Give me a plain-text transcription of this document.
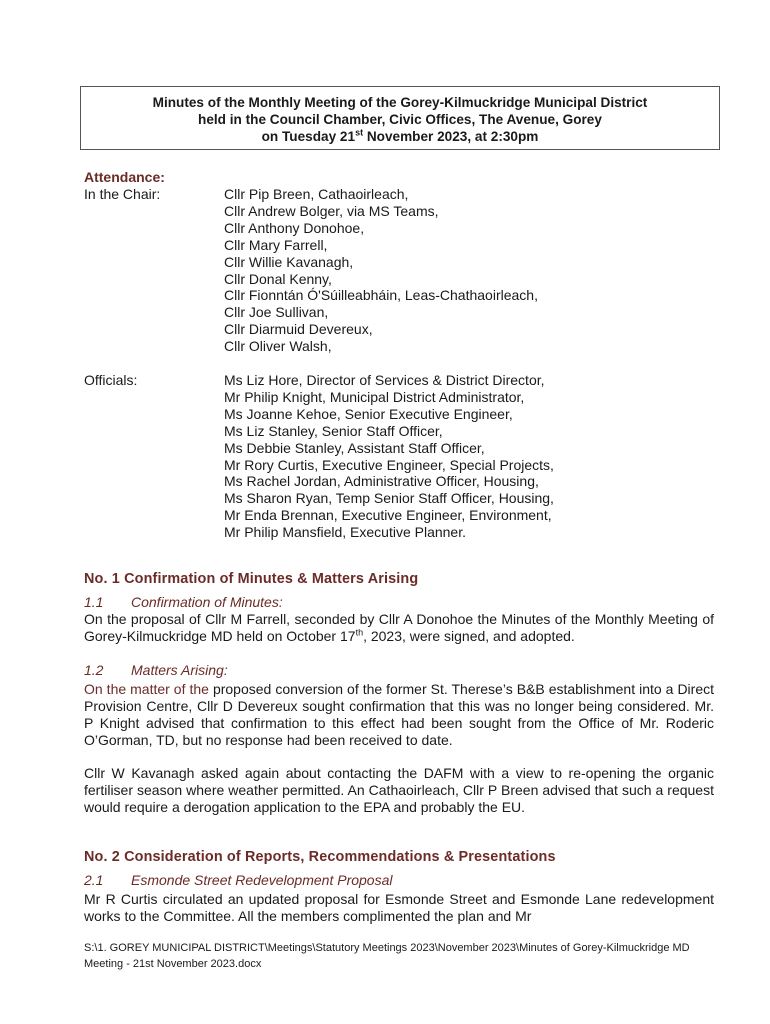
Minutes of the Monthly Meeting of the Gorey-Kilmuckridge Municipal District
held in the Council Chamber, Civic Offices, The Avenue, Gorey
on Tuesday 21st November 2023, at 2:30pm
Attendance:
In the Chair:	Cllr Pip Breen, Cathaoirleach,
Cllr Andrew Bolger, via MS Teams,
Cllr Anthony Donohoe,
Cllr Mary Farrell,
Cllr Willie Kavanagh,
Cllr Donal Kenny,
Cllr Fionntán Ó'Súilleabháin, Leas-Chathaoirleach,
Cllr Joe Sullivan,
Cllr Diarmuid Devereux,
Cllr Oliver Walsh,
Officials:	Ms Liz Hore, Director of Services & District Director,
Mr Philip Knight, Municipal District Administrator,
Ms Joanne Kehoe, Senior Executive Engineer,
Ms Liz Stanley, Senior Staff Officer,
Ms Debbie Stanley, Assistant Staff Officer,
Mr Rory Curtis, Executive Engineer, Special Projects,
Ms Rachel Jordan, Administrative Officer, Housing,
Ms Sharon Ryan, Temp Senior Staff Officer, Housing,
Mr Enda Brennan, Executive Engineer, Environment,
Mr Philip Mansfield, Executive Planner.
No. 1 Confirmation of Minutes & Matters Arising
1.1 Confirmation of Minutes:
On the proposal of Cllr M Farrell, seconded by Cllr A Donohoe the Minutes of the Monthly Meeting of Gorey-Kilmuckridge MD held on October 17th, 2023, were signed, and adopted.
1.2 Matters Arising:
On the matter of the proposed conversion of the former St. Therese’s B&B establishment into a Direct Provision Centre, Cllr D Devereux sought confirmation that this was no longer being considered. Mr. P Knight advised that confirmation to this effect had been sought from the Office of Mr. Roderic O’Gorman, TD, but no response had been received to date.
Cllr W Kavanagh asked again about contacting the DAFM with a view to re-opening the organic fertiliser season where weather permitted. An Cathaoirleach, Cllr P Breen advised that such a request would require a derogation application to the EPA and probably the EU.
No. 2 Consideration of Reports, Recommendations & Presentations
2.1 Esmonde Street Redevelopment Proposal
Mr R Curtis circulated an updated proposal for Esmonde Street and Esmonde Lane redevelopment works to the Committee. All the members complimented the plan and Mr
S:\1. GOREY MUNICIPAL DISTRICT\Meetings\Statutory Meetings 2023\November 2023\Minutes of Gorey-Kilmuckridge MD Meeting - 21st November 2023.docx
